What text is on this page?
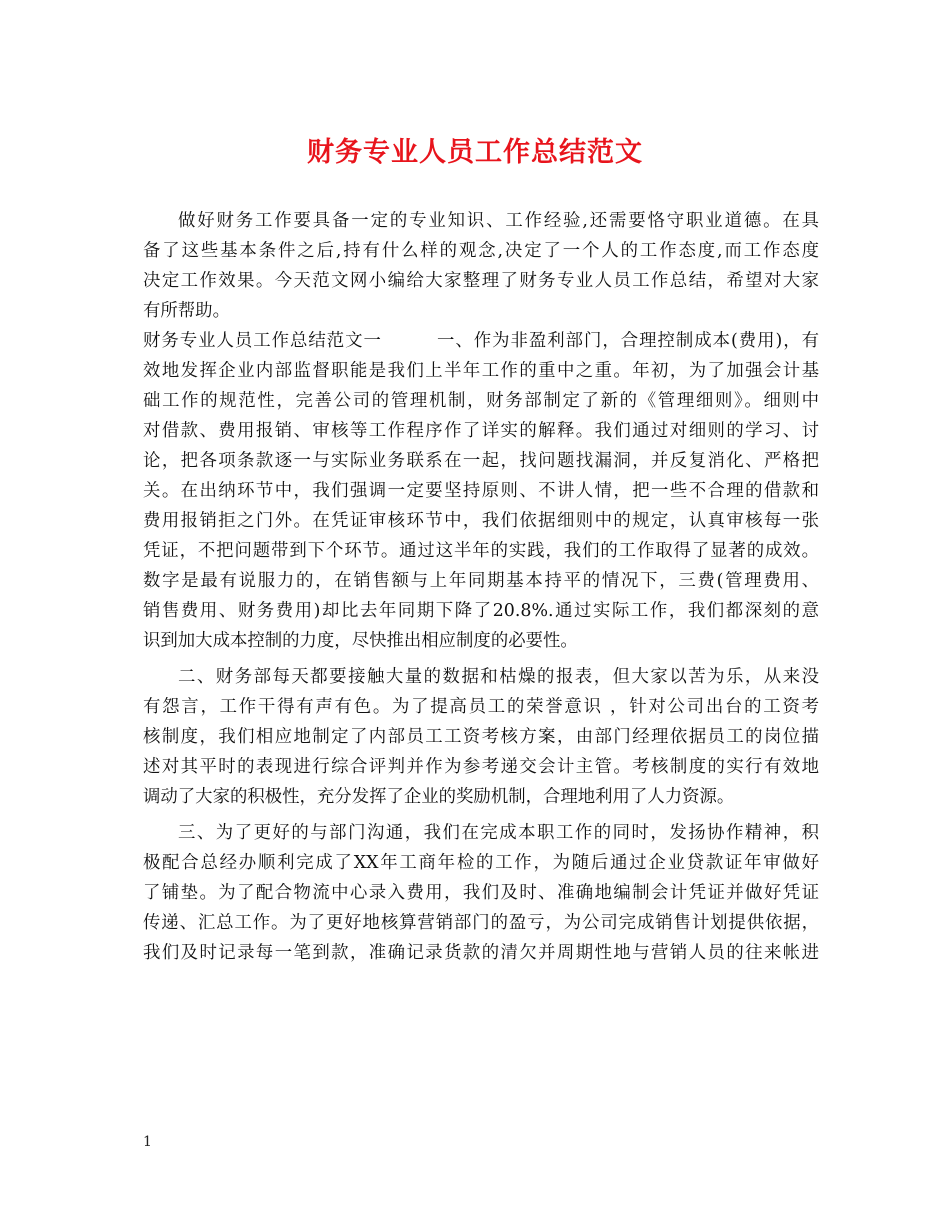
财务专业人员工作总结范文
做好财务工作要具备一定的专业知识、工作经验,还需要恪守职业道德。在具
备了这些基本条件之后,持有什么样的观念,决定了一个人的工作态度,而工作态度
决定工作效果。今天范文网小编给大家整理了财务专业人员工作总结，希望对大家
有所帮助。
财务专业人员工作总结范文一　　　一、作为非盈利部门，合理控制成本(费用)，有
效地发挥企业内部监督职能是我们上半年工作的重中之重。年初，为了加强会计基
础工作的规范性，完善公司的管理机制，财务部制定了新的《管理细则》。细则中
对借款、费用报销、审核等工作程序作了详实的解释。我们通过对细则的学习、讨
论，把各项条款逐一与实际业务联系在一起，找问题找漏洞，并反复消化、严格把
关。在出纳环节中，我们强调一定要坚持原则、不讲人情，把一些不合理的借款和
费用报销拒之门外。在凭证审核环节中，我们依据细则中的规定，认真审核每一张
凭证，不把问题带到下个环节。通过这半年的实践，我们的工作取得了显著的成效。
数字是最有说服力的，在销售额与上年同期基本持平的情况下，三费(管理费用、
销售费用、财务费用)却比去年同期下降了20.8%.通过实际工作，我们都深刻的意
识到加大成本控制的力度，尽快推出相应制度的必要性。
二、财务部每天都要接触大量的数据和枯燥的报表，但大家以苦为乐，从来没
有怨言，工作干得有声有色。为了提高员工的荣誉意识 ，针对公司出台的工资考
核制度，我们相应地制定了内部员工工资考核方案，由部门经理依据员工的岗位描
述对其平时的表现进行综合评判并作为参考递交会计主管。考核制度的实行有效地
调动了大家的积极性，充分发挥了企业的奖励机制，合理地利用了人力资源。
三、为了更好的与部门沟通，我们在完成本职工作的同时，发扬协作精神，积
极配合总经办顺利完成了XX年工商年检的工作，为随后通过企业贷款证年审做好
了铺垫。为了配合物流中心录入费用，我们及时、准确地编制会计凭证并做好凭证
传递、汇总工作。为了更好地核算营销部门的盈亏，为公司完成销售计划提供依据，
我们及时记录每一笔到款，准确记录货款的清欠并周期性地与营销人员的往来帐进
1
